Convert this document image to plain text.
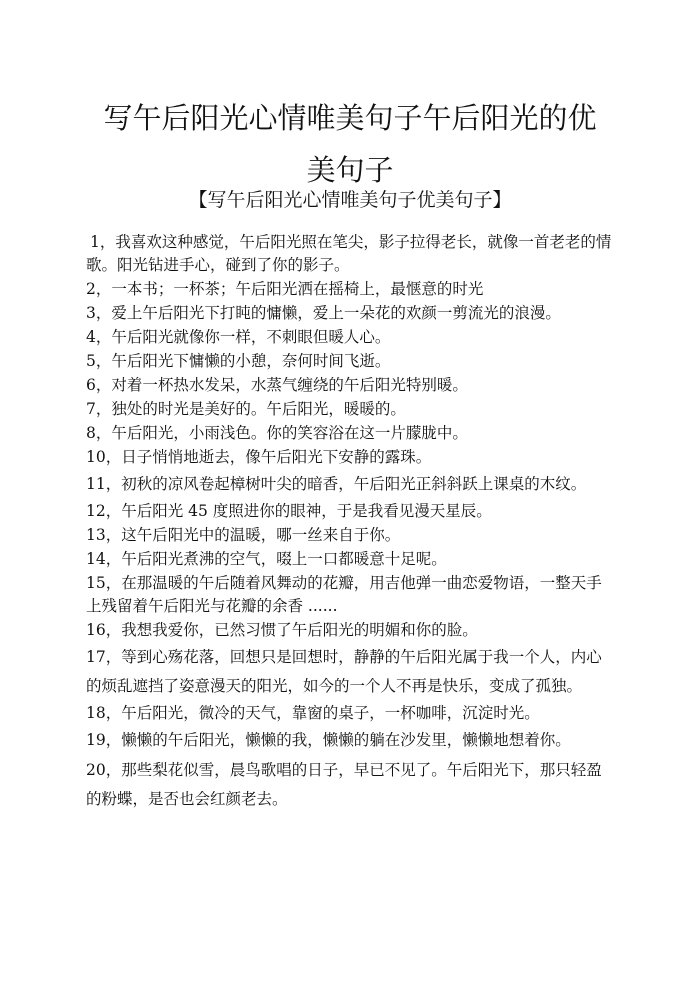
写午后阳光心情唯美句子午后阳光的优
美句子

【写午后阳光心情唯美句子优美句子】

1，我喜欢这种感觉，午后阳光照在笔尖，影子拉得老长，就像一首老老的情歌。阳光钻进手心，碰到了你的影子。
2，一本书；一杯茶；午后阳光洒在摇椅上，最惬意的时光
3，爱上午后阳光下打盹的慵懒，爱上一朵花的欢颜一剪流光的浪漫。
4，午后阳光就像你一样，不刺眼但暖人心。
5，午后阳光下慵懒的小憩，奈何时间飞逝。
6，对着一杯热水发呆，水蒸气缠绕的午后阳光特别暖。
7，独处的时光是美好的。午后阳光，暖暖的。
8，午后阳光，小雨浅色。你的笑容浴在这一片朦胧中。
10，日子悄悄地逝去，像午后阳光下安静的露珠。
11，初秋的凉风卷起樟树叶尖的暗香，午后阳光正斜斜跃上课桌的木纹。
12，午后阳光 45 度照进你的眼神，于是我看见漫天星辰。
13，这午后阳光中的温暖，哪一丝来自于你。
14，午后阳光煮沸的空气，啜上一口都暖意十足呢。
15，在那温暖的午后随着风舞动的花瓣，用吉他弹一曲恋爱物语，一整天手上残留着午后阳光与花瓣的余香 ......
16，我想我爱你，已然习惯了午后阳光的明媚和你的脸。
17，等到心殇花落，回想只是回想时，静静的午后阳光属于我一个人，内心的烦乱遮挡了姿意漫天的阳光，如今的一个人不再是快乐，变成了孤独。
18，午后阳光，微冷的天气，靠窗的桌子，一杯咖啡，沉淀时光。
19，懒懒的午后阳光，懒懒的我，懒懒的躺在沙发里，懒懒地想着你。
20，那些梨花似雪，晨鸟歌唱的日子，早已不见了。午后阳光下，那只轻盈的粉蝶，是否也会红颜老去。
